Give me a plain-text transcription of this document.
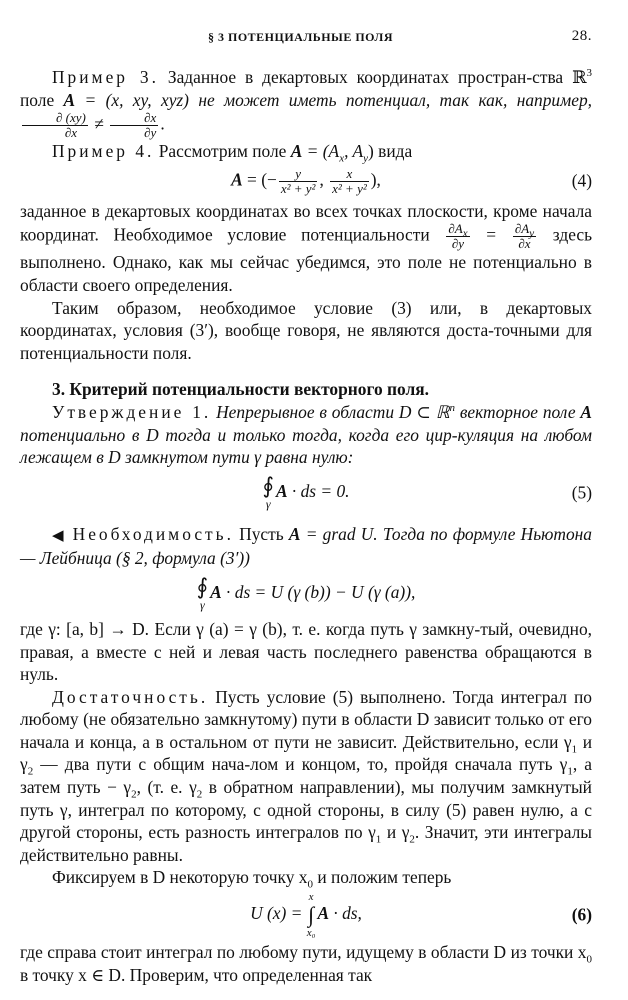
§ 3 ПОТЕНЦИАЛЬНЫЕ ПОЛЯ	28.

Пример 3. Заданное в декартовых координатах простран-ства ℝ$^3$ поле A = (x, xy, xyz) не может иметь потенциал, так как, например,
$\frac{\partial (xy)}{\partial x} \ne \frac{\partial x}{\partial y}$ .

Пример 4. Рассмотрим поле $A = (A_x$, $A_y$) вида

A = (− $\frac{y}{\text{x² + y²}}$ , $\frac{x}{\text{x² + y²}}$ ),	(4)

заданное в декартовых координатах во всех точках плоскости, кроме начала координат. Необходимое условие потенциальности $\frac{\partial A_x}{\partial y} = \frac{\partial A_y}{\partial x}$ здесь выполнено. Однако, как мы сейчас убедимся, это поле не потенциально в области своего определения.

Таким образом, необходимое условие (3) или, в декартовых координатах, условия (3′), вообще говоря, не являются доста-точными для потенциальности поля.

3. Критерий потенциальности векторного поля.

Утверждение 1. Непрерывное в области D ⊂ ℝ$^n$ векторное поле A потенциально в D тогда и только тогда, когда его цир-куляция на любом лежащем в D замкнутом пути γ равна нулю:

∮
γ
A · ds = 0.	(5)

◀ Необходимость. Пусть A = grad U. Тогда по формуле Ньютона — Лейбница (§ 2, формула (3′))

∮
γ
A · ds = U (γ (b)) − U (γ (a)),

где γ: [a, b] → D. Если γ (a) = γ (b), т. е. когда путь γ замкну-тый, очевидно, правая, а вместе с ней и левая часть последнего равенства обращаются в нуль.

Достаточность. Пусть условие (5) выполнено. Тогда интеграл по любому (не обязательно замкнутому) пути в области D зависит только от его начала и конца, а в остальном от пути не зависит. Действительно, если $\gamma_1$ и $\gamma_2$ — два пути с общим нача-лом и концом, то, пройдя сначала путь $\gamma_1$, а затем путь − $\gamma_2$, (т. е. $\gamma_2$ в обратном направлении), мы получим замкнутый путь γ, интеграл по которому, с одной стороны, в силу (5) равен нулю, а с другой стороны, есть разность интегралов по $\gamma_1$ и $\gamma_2$. Значит, эти интегралы действительно равны.

Фиксируем в D некоторую точку $x_0$ и положим теперь

U (x) =
x
∫
x₀
A · ds,	(6)

где справа стоит интеграл по любому пути, идущему в области D из точки $x_0$ в точку x ∈ D. Проверим, что определенная так
